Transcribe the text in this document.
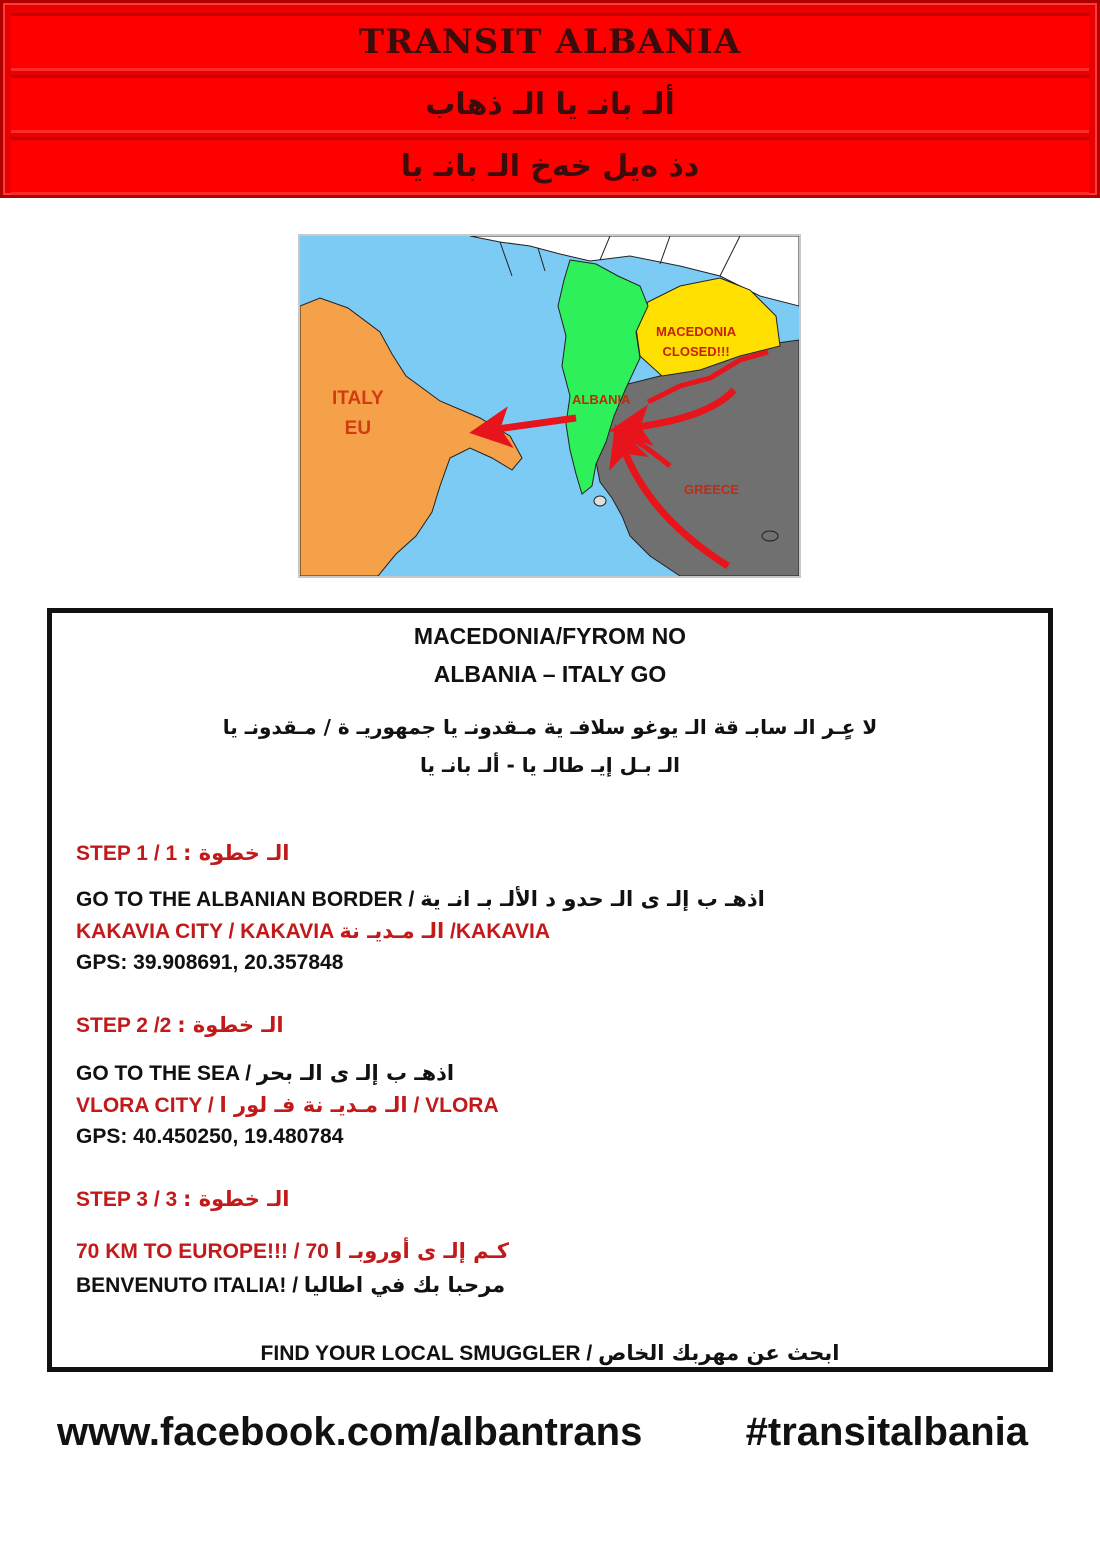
TRANSIT ALBANIA
ألـ بانـ يا الـ ذهاب
دذ ەیل خەخ الـ بانـ يا
ITALY
EU
ALBANIA
MACEDONIA
CLOSED!!!
GREECE
MACEDONIA/FYROM NO
ALBANIA – ITALY GO
لا عٍـر الـ سابـ قة الـ يوغو سلافـ ية مـقدونـ يا جمهوريـ ة / مـقدونـ يا
الـ بـل إيـ طالـ يا - ألـ بانـ يا
STEP 1 / 1 الـ خطوة :
GO TO THE ALBANIAN BORDER / اذهـ ب إلـ ى الـ حدو د الألـ بـ انـ ية
KAKAVIA CITY / KAKAVIA الـ مـديـ نة /KAKAVIA
GPS: 39.908691, 20.357848
STEP 2 /2 الـ خطوة :
GO TO THE SEA / اذهـ ب إلـ ى الـ بحر
VLORA CITY / الـ مـديـ نة فـ لور ا / VLORA
GPS: 40.450250, 19.480784
STEP 3 / 3 الـ خطوة :
70 KM TO EUROPE!!! / 70 كـم إلـ ى أوروبـ ا
BENVENUTO ITALIA! / مرحبا بك في اطاليا
FIND YOUR LOCAL SMUGGLER / ابحث عن مهربك الخاص
www.facebook.com/albantrans	#transitalbania
